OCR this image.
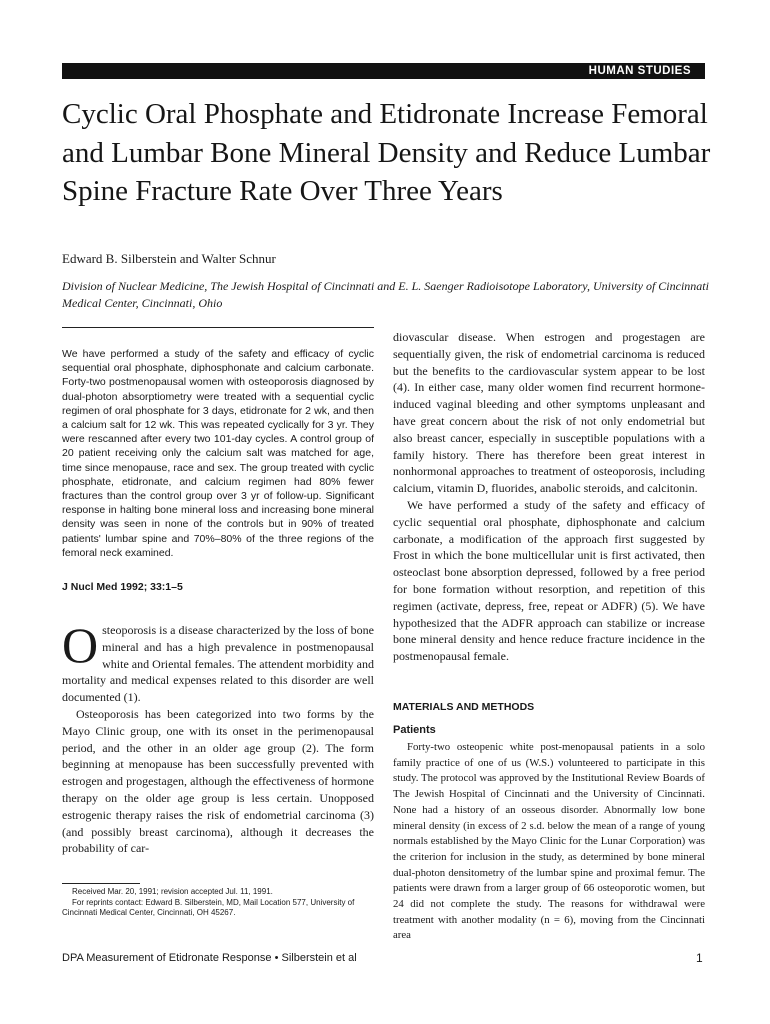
HUMAN STUDIES
Cyclic Oral Phosphate and Etidronate Increase Femoral and Lumbar Bone Mineral Density and Reduce Lumbar Spine Fracture Rate Over Three Years
Edward B. Silberstein and Walter Schnur
Division of Nuclear Medicine, The Jewish Hospital of Cincinnati and E. L. Saenger Radioisotope Laboratory, University of Cincinnati Medical Center, Cincinnati, Ohio
We have performed a study of the safety and efficacy of cyclic sequential oral phosphate, diphosphonate and calcium carbonate. Forty-two postmenopausal women with osteoporosis diagnosed by dual-photon absorptiometry were treated with a sequential cyclic regimen of oral phosphate for 3 days, etidronate for 2 wk, and then a calcium salt for 12 wk. This was repeated cyclically for 3 yr. They were rescanned after every two 101-day cycles. A control group of 20 patient receiving only the calcium salt was matched for age, time since menopause, race and sex. The group treated with cyclic phosphate, etidronate, and calcium regimen had 80% fewer fractures than the control group over 3 yr of follow-up. Significant response in halting bone mineral loss and increasing bone mineral density was seen in none of the controls but in 90% of treated patients' lumbar spine and 70%–80% of the three regions of the femoral neck examined.
J Nucl Med 1992; 33:1–5

Osteoporosis is a disease characterized by the loss of bone mineral and has a high prevalence in postmenopausal white and Oriental females. The attendent morbidity and mortality and medical expenses related to this disorder are well documented (1).

Osteoporosis has been categorized into two forms by the Mayo Clinic group, one with its onset in the perimenopausal period, and the other in an older age group (2). The form beginning at menopause has been successfully prevented with estrogen and progestagen, although the effectiveness of hormone therapy on the older age group is less certain. Unopposed estrogenic therapy raises the risk of endometrial carcinoma (3) (and possibly breast carcinoma), although it decreases the probability of car-

diovascular disease. When estrogen and progestagen are sequentially given, the risk of endometrial carcinoma is reduced but the benefits to the cardiovascular system appear to be lost (4). In either case, many older women find recurrent hormone-induced vaginal bleeding and other symptoms unpleasant and have great concern about the risk of not only endometrial but also breast cancer, especially in susceptible populations with a family history. There has therefore been great interest in nonhormonal approaches to treatment of osteoporosis, including calcium, vitamin D, fluorides, anabolic steroids, and calcitonin.

We have performed a study of the safety and efficacy of cyclic sequential oral phosphate, diphosphonate and calcium carbonate, a modification of the approach first suggested by Frost in which the bone multicellular unit is first activated, then osteoclast bone absorption depressed, followed by a free period for bone formation without resorption, and repetition of this regimen (activate, depress, free, repeat or ADFR) (5). We have hypothesized that the ADFR approach can stabilize or increase bone mineral density and hence reduce fracture incidence in the postmenopausal female.

MATERIALS AND METHODS
Patients

Forty-two osteopenic white post-menopausal patients in a solo family practice of one of us (W.S.) volunteered to participate in this study. The protocol was approved by the Institutional Review Boards of The Jewish Hospital of Cincinnati and the University of Cincinnati. None had a history of an osseous disorder. Abnormally low bone mineral density (in excess of 2 s.d. below the mean of a range of young normals established by the Mayo Clinic for the Lunar Corporation) was the criterion for inclusion in the study, as determined by bone mineral dual-photon densitometry of the lumbar spine and proximal femur. The patients were drawn from a larger group of 66 osteoporotic women, but 24 did not complete the study. The reasons for withdrawal were treatment with another modality (n = 6), moving from the Cincinnati area

Received Mar. 20, 1991; revision accepted Jul. 11, 1991.

For reprints contact: Edward B. Silberstein, MD, Mail Location 577, University of Cincinnati Medical Center, Cincinnati, OH 45267.

DPA Measurement of Etidronate Response • Silberstein et al	1
